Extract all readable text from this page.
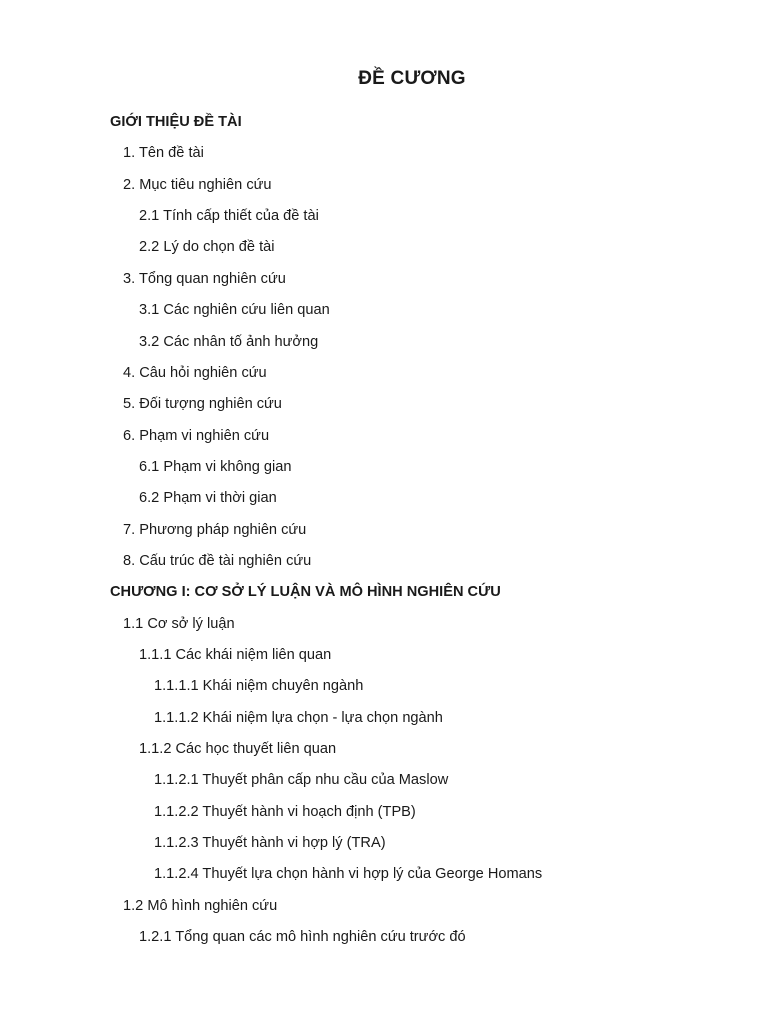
ĐỀ CƯƠNG
GIỚI THIỆU ĐỀ TÀI
1. Tên đề tài
2. Mục tiêu nghiên cứu
2.1 Tính cấp thiết của đề tài
2.2 Lý do chọn đề tài
3. Tổng quan nghiên cứu
3.1 Các nghiên cứu liên quan
3.2 Các nhân tố ảnh hưởng
4. Câu hỏi nghiên cứu
5. Đối tượng nghiên cứu
6. Phạm vi nghiên cứu
6.1 Phạm vi không gian
6.2 Phạm vi thời gian
7. Phương pháp nghiên cứu
8. Cấu trúc đề tài nghiên cứu
CHƯƠNG I: CƠ SỞ LÝ LUẬN VÀ MÔ HÌNH NGHIÊN CỨU
1.1 Cơ sở lý luận
1.1.1 Các khái niệm liên quan
1.1.1.1 Khái niệm chuyên ngành
1.1.1.2 Khái niệm lựa chọn - lựa chọn ngành
1.1.2 Các học thuyết liên quan
1.1.2.1 Thuyết phân cấp nhu cầu của Maslow
1.1.2.2 Thuyết hành vi hoạch định (TPB)
1.1.2.3 Thuyết hành vi hợp lý (TRA)
1.1.2.4 Thuyết lựa chọn hành vi hợp lý của George Homans
1.2 Mô hình nghiên cứu
1.2.1 Tổng quan các mô hình nghiên cứu trước đó
